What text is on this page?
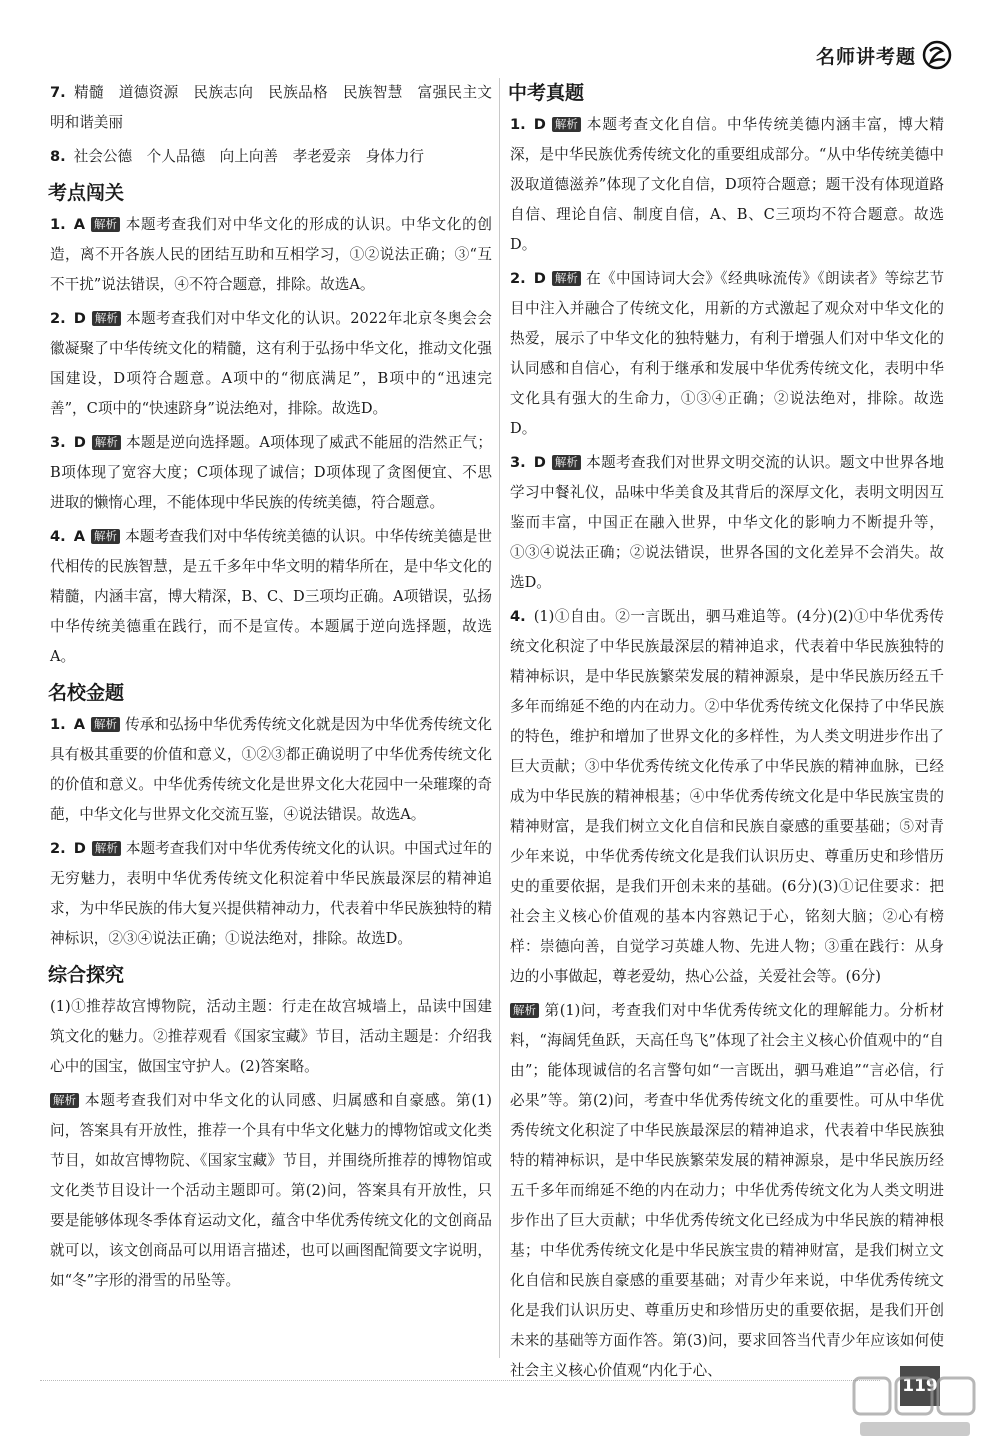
名师讲考题
7. 精髓　道德资源　民族志向　民族品格　民族智慧　富强民主文明和谐美丽
8. 社会公德　个人品德　向上向善　孝老爱亲　身体力行
考点闯关
1. A 解析 本题考查我们对中华文化的形成的认识。中华文化的创造，离不开各族人民的团结互助和互相学习，①②说法正确；③“互不干扰”说法错误，④不符合题意，排除。故选A。
2. D 解析 本题考查我们对中华文化的认识。2022年北京冬奥会会徽凝聚了中华传统文化的精髓，这有利于弘扬中华文化，推动文化强国建设，D项符合题意。A项中的“彻底满足”，B项中的“迅速完善”，C项中的“快速跻身”说法绝对，排除。故选D。
3. D 解析 本题是逆向选择题。A项体现了威武不能屈的浩然正气；B项体现了宽容大度；C项体现了诚信；D项体现了贪图便宜、不思进取的懒惰心理，不能体现中华民族的传统美德，符合题意。
4. A 解析 本题考查我们对中华传统美德的认识。中华传统美德是世代相传的民族智慧，是五千多年中华文明的精华所在，是中华文化的精髓，内涵丰富，博大精深，B、C、D三项均正确。A项错误，弘扬中华传统美德重在践行，而不是宣传。本题属于逆向选择题，故选A。
名校金题
1. A 解析 传承和弘扬中华优秀传统文化就是因为中华优秀传统文化具有极其重要的价值和意义，①②③都正确说明了中华优秀传统文化的价值和意义。中华优秀传统文化是世界文化大花园中一朵璀璨的奇葩，中华文化与世界文化交流互鉴，④说法错误。故选A。
2. D 解析 本题考查我们对中华优秀传统文化的认识。中国式过年的无穷魅力，表明中华优秀传统文化积淀着中华民族最深层的精神追求，为中华民族的伟大复兴提供精神动力，代表着中华民族独特的精神标识，②③④说法正确；①说法绝对，排除。故选D。
综合探究
(1)①推荐故宫博物院，活动主题：行走在故宫城墙上，品读中国建筑文化的魅力。②推荐观看《国家宝藏》节目，活动主题是：介绍我心中的国宝，做国宝守护人。(2)答案略。
解析 本题考查我们对中华文化的认同感、归属感和自豪感。第(1)问，答案具有开放性，推荐一个具有中华文化魅力的博物馆或文化类节目，如故宫博物院、《国家宝藏》节目，并围绕所推荐的博物馆或文化类节目设计一个活动主题即可。第(2)问，答案具有开放性，只要是能够体现冬季体育运动文化，蕴含中华优秀传统文化的文创商品就可以，该文创商品可以用语言描述，也可以画图配简要文字说明，如“冬”字形的滑雪的吊坠等。
中考真题
1. D 解析 本题考查文化自信。中华传统美德内涵丰富，博大精深，是中华民族优秀传统文化的重要组成部分。“从中华传统美德中汲取道德滋养”体现了文化自信，D项符合题意；题干没有体现道路自信、理论自信、制度自信，A、B、C三项均不符合题意。故选D。
2. D 解析 在《中国诗词大会》《经典咏流传》《朗读者》等综艺节目中注入并融合了传统文化，用新的方式激起了观众对中华文化的热爱，展示了中华文化的独特魅力，有利于增强人们对中华文化的认同感和自信心，有利于继承和发展中华优秀传统文化，表明中华文化具有强大的生命力，①③④正确；②说法绝对，排除。故选D。
3. D 解析 本题考查我们对世界文明交流的认识。题文中世界各地学习中餐礼仪，品味中华美食及其背后的深厚文化，表明文明因互鉴而丰富，中国正在融入世界，中华文化的影响力不断提升等，①③④说法正确；②说法错误，世界各国的文化差异不会消失。故选D。
4. (1)①自由。②一言既出，驷马难追等。(4分)(2)①中华优秀传统文化积淀了中华民族最深层的精神追求，代表着中华民族独特的精神标识，是中华民族繁荣发展的精神源泉，是中华民族历经五千多年而绵延不绝的内在动力。②中华优秀传统文化保持了中华民族的特色，维护和增加了世界文化的多样性，为人类文明进步作出了巨大贡献；③中华优秀传统文化传承了中华民族的精神血脉，已经成为中华民族的精神根基；④中华优秀传统文化是中华民族宝贵的精神财富，是我们树立文化自信和民族自豪感的重要基础；⑤对青少年来说，中华优秀传统文化是我们认识历史、尊重历史和珍惜历史的重要依据，是我们开创未来的基础。(6分)(3)①记住要求：把社会主义核心价值观的基本内容熟记于心，铭刻大脑；②心有榜样：崇德向善，自觉学习英雄人物、先进人物；③重在践行：从身边的小事做起，尊老爱幼，热心公益，关爱社会等。(6分)
解析 第(1)问，考查我们对中华优秀传统文化的理解能力。分析材料，“海阔凭鱼跃，天高任鸟飞”体现了社会主义核心价值观中的“自由”；能体现诚信的名言警句如“一言既出，驷马难追”“言必信，行必果”等。第(2)问，考查中华优秀传统文化的重要性。可从中华优秀传统文化积淀了中华民族最深层的精神追求，代表着中华民族独特的精神标识，是中华民族繁荣发展的精神源泉，是中华民族历经五千多年而绵延不绝的内在动力；中华优秀传统文化为人类文明进步作出了巨大贡献；中华优秀传统文化已经成为中华民族的精神根基；中华优秀传统文化是中华民族宝贵的精神财富，是我们树立文化自信和民族自豪感的重要基础；对青少年来说，中华优秀传统文化是我们认识历史、尊重历史和珍惜历史的重要依据，是我们开创未来的基础等方面作答。第(3)问，要求回答当代青少年应该如何使社会主义核心价值观“内化于心、
119
